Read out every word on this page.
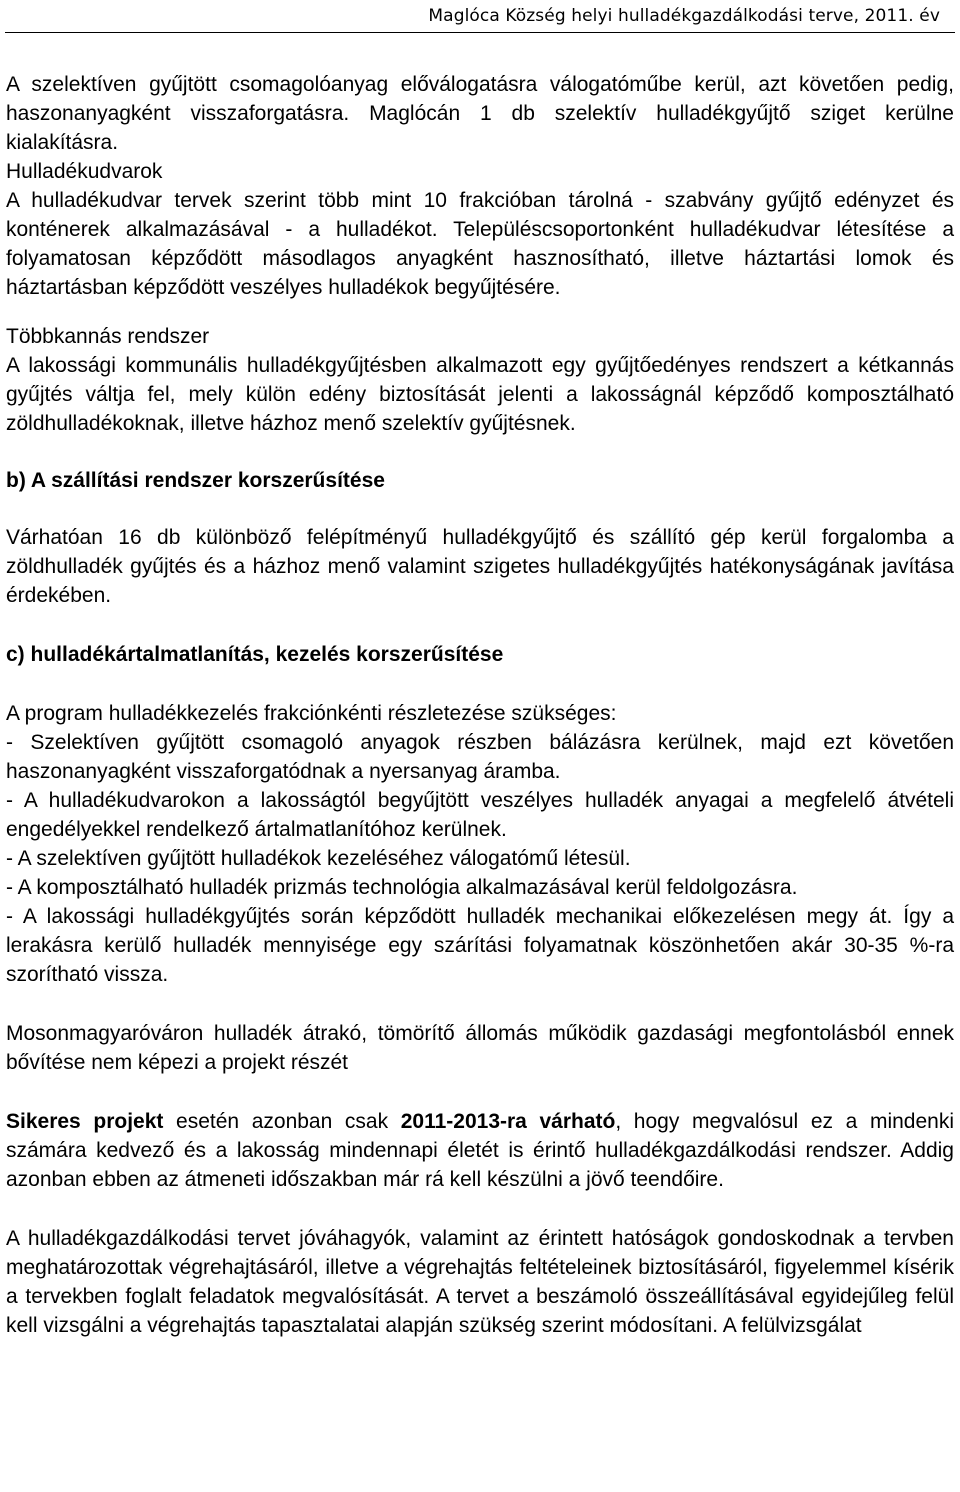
Maglóca Község helyi hulladékgazdálkodási terve, 2011. év

A szelektíven gyűjtött csomagolóanyag előválogatásra válogatóműbe kerül, azt követően pedig, haszonanyagként visszaforgatásra. Maglócán 1 db szelektív hulladékgyűjtő sziget kerülne kialakításra.

Hulladékudvarok

A hulladékudvar tervek szerint több mint 10 frakcióban tárolná - szabvány gyűjtő edényzet és konténerek alkalmazásával - a hulladékot. Településcsoportonként hulladékudvar létesítése a folyamatosan képződött másodlagos anyagként hasznosítható, illetve háztartási lomok és háztartásban képződött veszélyes hulladékok begyűjtésére.

Többkannás rendszer

A lakossági kommunális hulladékgyűjtésben alkalmazott egy gyűjtőedényes rendszert a kétkannás gyűjtés váltja fel, mely külön edény biztosítását jelenti a lakosságnál képződő komposztálható zöldhulladékoknak, illetve házhoz menő szelektív gyűjtésnek.

b) A szállítási rendszer korszerűsítése

Várhatóan 16 db különböző felépítményű hulladékgyűjtő és szállító gép kerül forgalomba a zöldhulladék gyűjtés és a házhoz menő valamint szigetes hulladékgyűjtés hatékonyságának javítása érdekében.

c) hulladékártalmatlanítás, kezelés korszerűsítése

A program hulladékkezelés frakciónkénti részletezése szükséges:

- Szelektíven gyűjtött csomagoló anyagok részben bálázásra kerülnek, majd ezt követően haszonanyagként visszaforgatódnak a nyersanyag áramba.

- A hulladékudvarokon a lakosságtól begyűjtött veszélyes hulladék anyagai a megfelelő átvételi engedélyekkel rendelkező ártalmatlanítóhoz kerülnek.

- A szelektíven gyűjtött hulladékok kezeléséhez válogatómű létesül.

- A komposztálható hulladék prizmás technológia alkalmazásával kerül feldolgozásra.

- A lakossági hulladékgyűjtés során képződött hulladék mechanikai előkezelésen megy át. Így a lerakásra kerülő hulladék mennyisége egy szárítási folyamatnak köszönhetően akár 30-35 %-ra szorítható vissza.

Mosonmagyaróváron hulladék átrakó, tömörítő állomás működik gazdasági megfontolásból ennek bővítése nem képezi a projekt részét

Sikeres projekt esetén azonban csak 2011-2013-ra várható, hogy megvalósul ez a mindenki számára kedvező és a lakosság mindennapi életét is érintő hulladékgazdálkodási rendszer. Addig azonban ebben az átmeneti időszakban már rá kell készülni a jövő teendőire.

A hulladékgazdálkodási tervet jóváhagyók, valamint az érintett hatóságok gondoskodnak a tervben meghatározottak végrehajtásáról, illetve a végrehajtás feltételeinek biztosításáról, figyelemmel kísérik a tervekben foglalt feladatok megvalósítását. A tervet a beszámoló összeállításával egyidejűleg felül kell vizsgálni a végrehajtás tapasztalatai alapján szükség szerint módosítani. A felülvizsgálat
